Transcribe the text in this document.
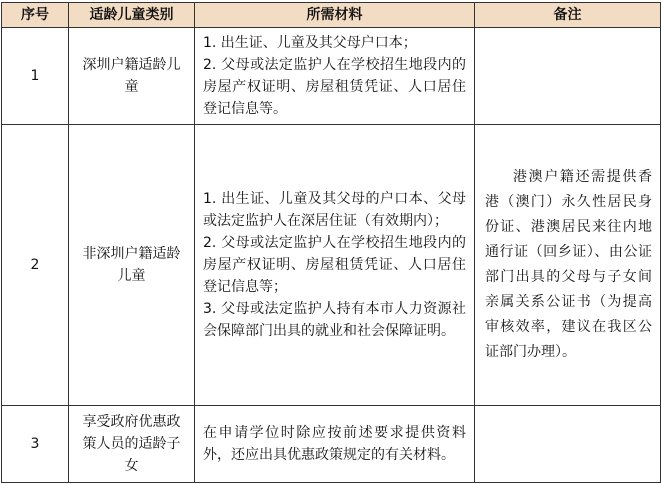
序号	适龄儿童类别	所需材料	备注
1	深圳户籍适龄儿童	1. 出生证、儿童及其父母户口本；
2. 父母或法定监护人在学校招生地段内的房屋产权证明、房屋租赁凭证、人口居住登记信息等。	

2	非深圳户籍适龄儿童	1. 出生证、儿童及其父母的户口本、父母或法定监护人在深居住证（有效期内）；
2. 父母或法定监护人在学校招生地段内的房屋产权证明、房屋租赁凭证、人口居住登记信息等；
3. 父母或法定监护人持有本市人力资源社会保障部门出具的就业和社会保障证明。	港澳户籍还需提供香港（澳门）永久性居民身份证、港澳居民来往内地通行证（回乡证）、由公证部门出具的父母与子女间亲属关系公证书（为提高审核效率，建议在我区公证部门办理）。

3	享受政府优惠政策人员的适龄子女	在申请学位时除应按前述要求提供资料外，还应出具优惠政策规定的有关材料。	
